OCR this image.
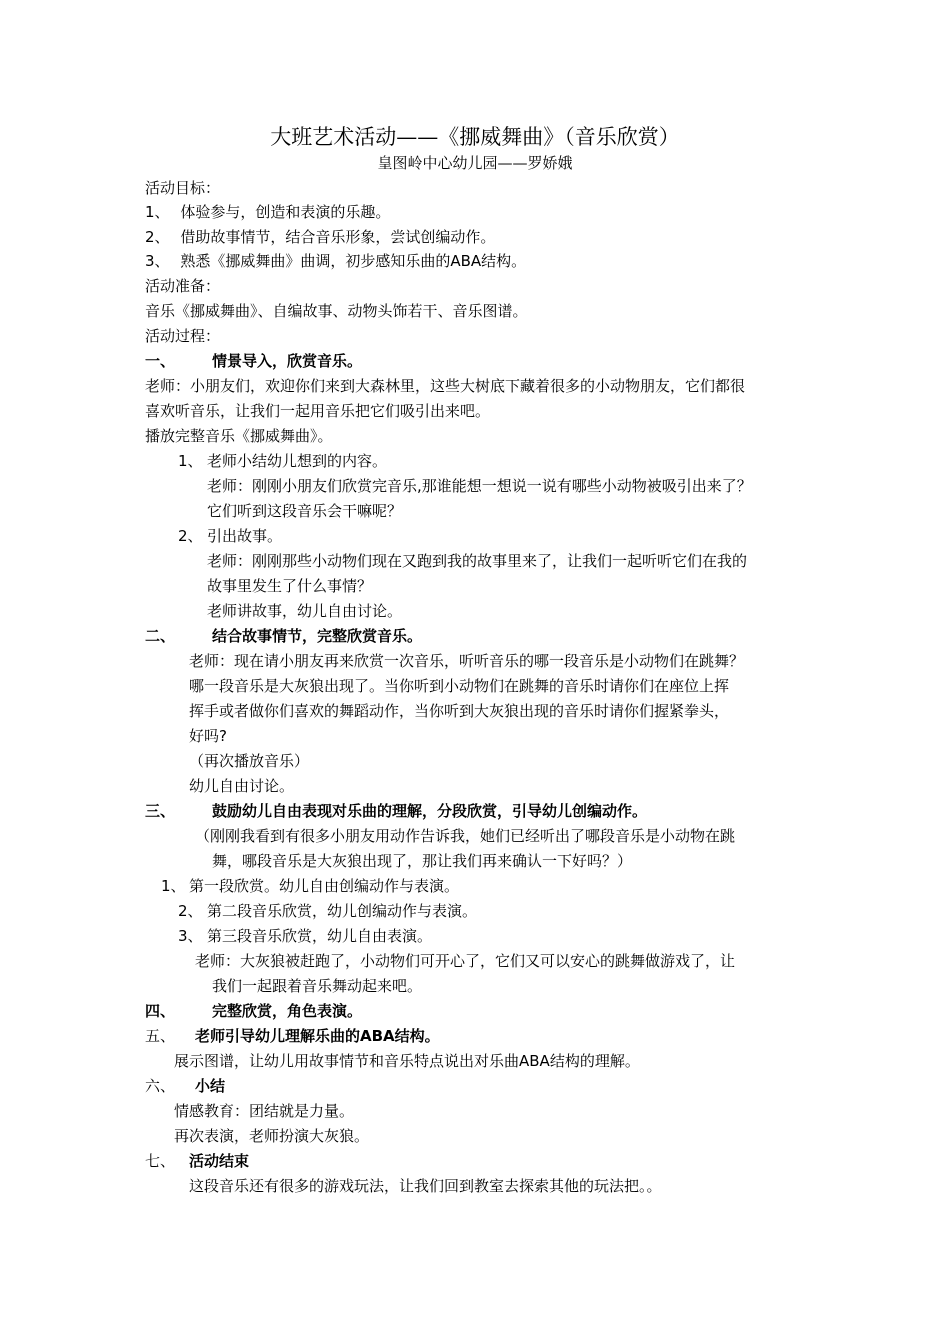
大班艺术活动——《挪威舞曲》（音乐欣赏）
皇图岭中心幼儿园——罗娇娥
活动目标：
1、 体验参与，创造和表演的乐趣。
2、 借助故事情节，结合音乐形象，尝试创编动作。
3、 熟悉《挪威舞曲》曲调，初步感知乐曲的ABA结构。
活动准备：
音乐《挪威舞曲》、自编故事、动物头饰若干、音乐图谱。
活动过程：
一、 情景导入，欣赏音乐。
老师：小朋友们，欢迎你们来到大森林里，这些大树底下藏着很多的小动物朋友，它们都很
喜欢听音乐，让我们一起用音乐把它们吸引出来吧。
播放完整音乐《挪威舞曲》。
1、 老师小结幼儿想到的内容。
老师：刚刚小朋友们欣赏完音乐,那谁能想一想说一说有哪些小动物被吸引出来了？
它们听到这段音乐会干嘛呢？
2、 引出故事。
老师：刚刚那些小动物们现在又跑到我的故事里来了，让我们一起听听它们在我的
故事里发生了什么事情？
老师讲故事，幼儿自由讨论。
二、 结合故事情节，完整欣赏音乐。
老师：现在请小朋友再来欣赏一次音乐，听听音乐的哪一段音乐是小动物们在跳舞？
哪一段音乐是大灰狼出现了。当你听到小动物们在跳舞的音乐时请你们在座位上挥
挥手或者做你们喜欢的舞蹈动作，当你听到大灰狼出现的音乐时请你们握紧拳头，
好吗?
（再次播放音乐）
幼儿自由讨论。
三、 鼓励幼儿自由表现对乐曲的理解，分段欣赏，引导幼儿创编动作。
（刚刚我看到有很多小朋友用动作告诉我，她们已经听出了哪段音乐是小动物在跳
舞，哪段音乐是大灰狼出现了，那让我们再来确认一下好吗？）
1、 第一段欣赏。幼儿自由创编动作与表演。
2、 第二段音乐欣赏，幼儿创编动作与表演。
3、 第三段音乐欣赏，幼儿自由表演。
老师：大灰狼被赶跑了，小动物们可开心了，它们又可以安心的跳舞做游戏了，让
我们一起跟着音乐舞动起来吧。
四、 完整欣赏，角色表演。
五、 老师引导幼儿理解乐曲的ABA结构。
展示图谱，让幼儿用故事情节和音乐特点说出对乐曲ABA结构的理解。
六、 小结
情感教育：团结就是力量。
再次表演，老师扮演大灰狼。
七、 活动结束
这段音乐还有很多的游戏玩法，让我们回到教室去探索其他的玩法把。。
